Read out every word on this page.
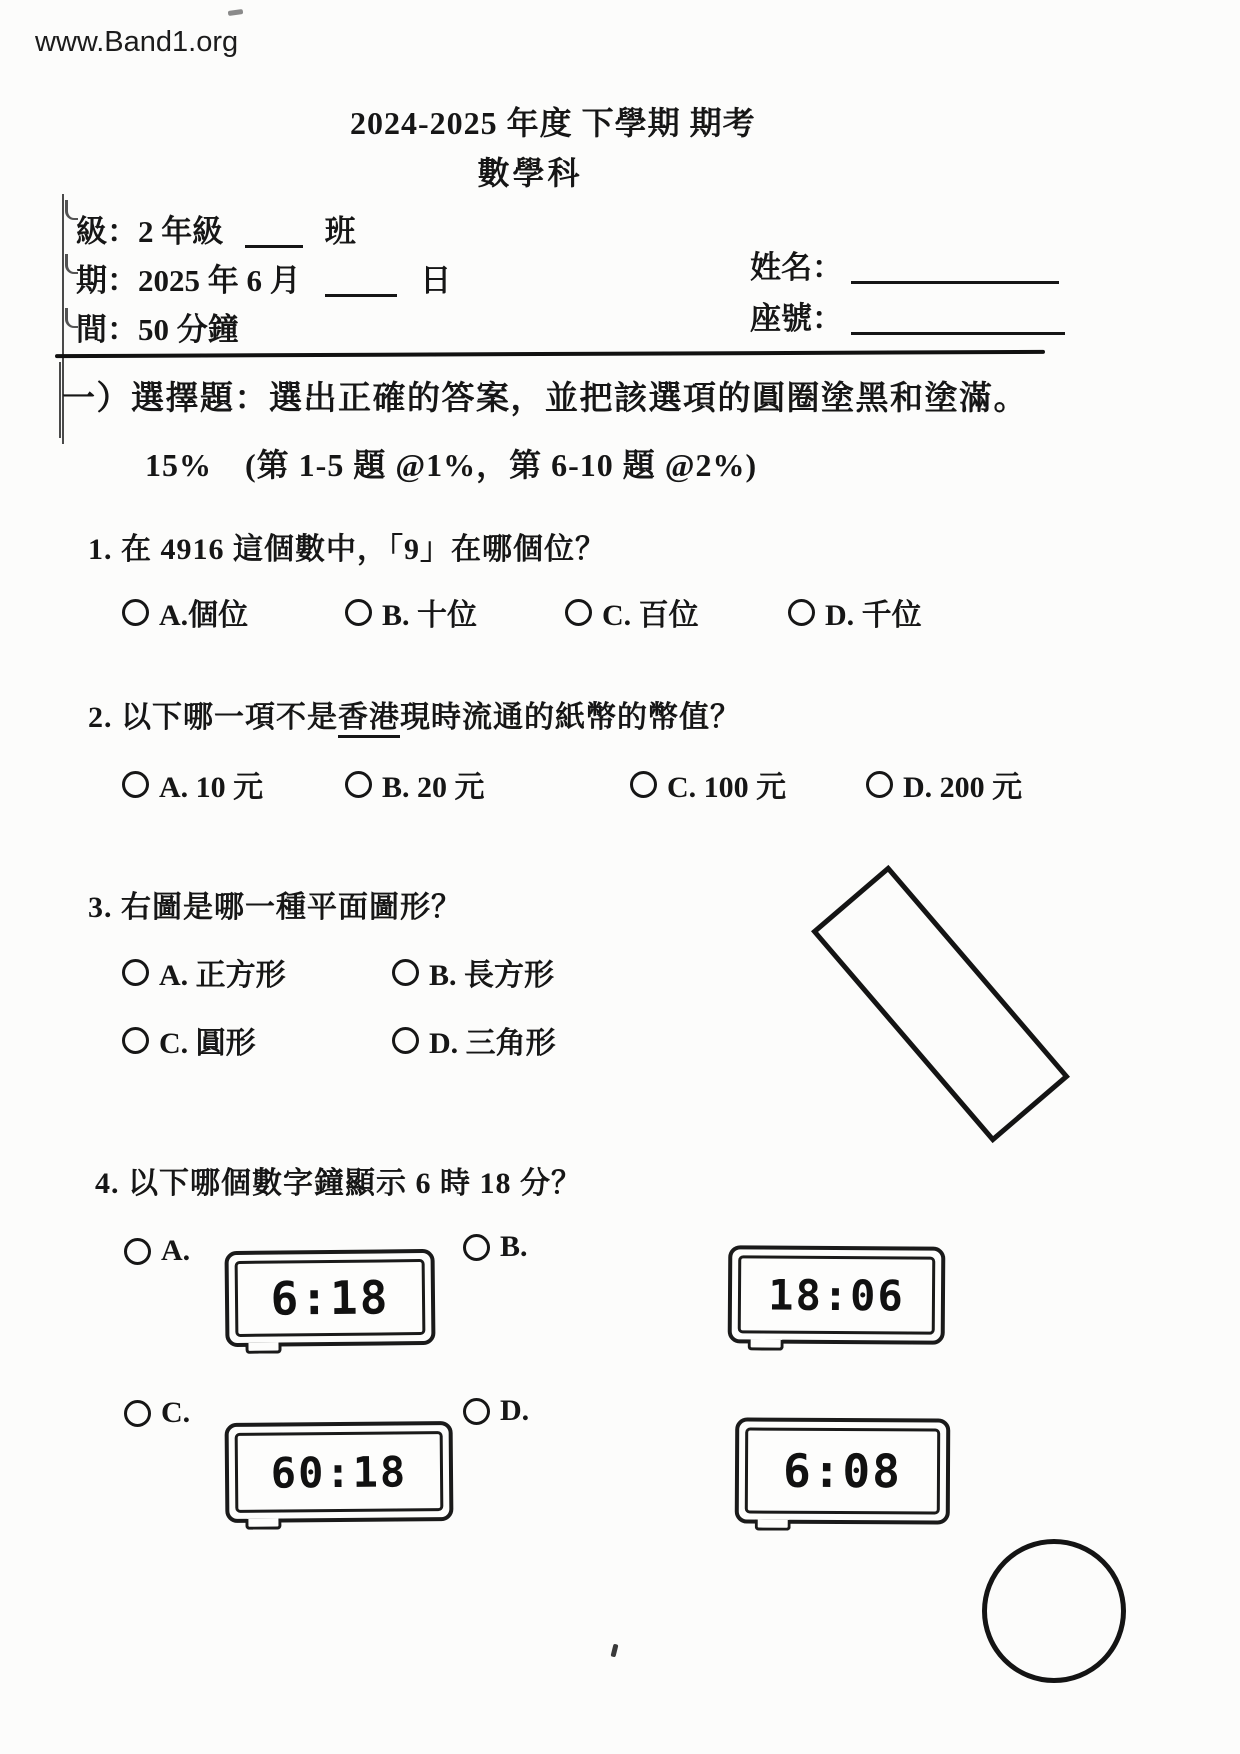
www.Band1.org
2024-2025 年度 下學期 期考
數學科
級：2 年級	班
期：2025 年 6 月	日
間：50 分鐘
姓名：
座號：
一）選擇題：選出正確的答案，並把該選項的圓圈塗黑和塗滿。
15%　(第 1-5 題 @1%，第 6-10 題 @2%)
1. 在 4916 這個數中，「9」在哪個位？
A.個位	B. 十位	C. 百位	D. 千位
2. 以下哪一項不是香港現時流通的紙幣的幣值？
A. 10 元	B. 20 元	C. 100 元	D. 200 元
3. 右圖是哪一種平面圖形？
A. 正方形	B. 長方形
C. 圓形	D. 三角形
4. 以下哪個數字鐘顯示 6 時 18 分？
A.
6:18
B.
18:06
C.
60:18
D.
6:08
